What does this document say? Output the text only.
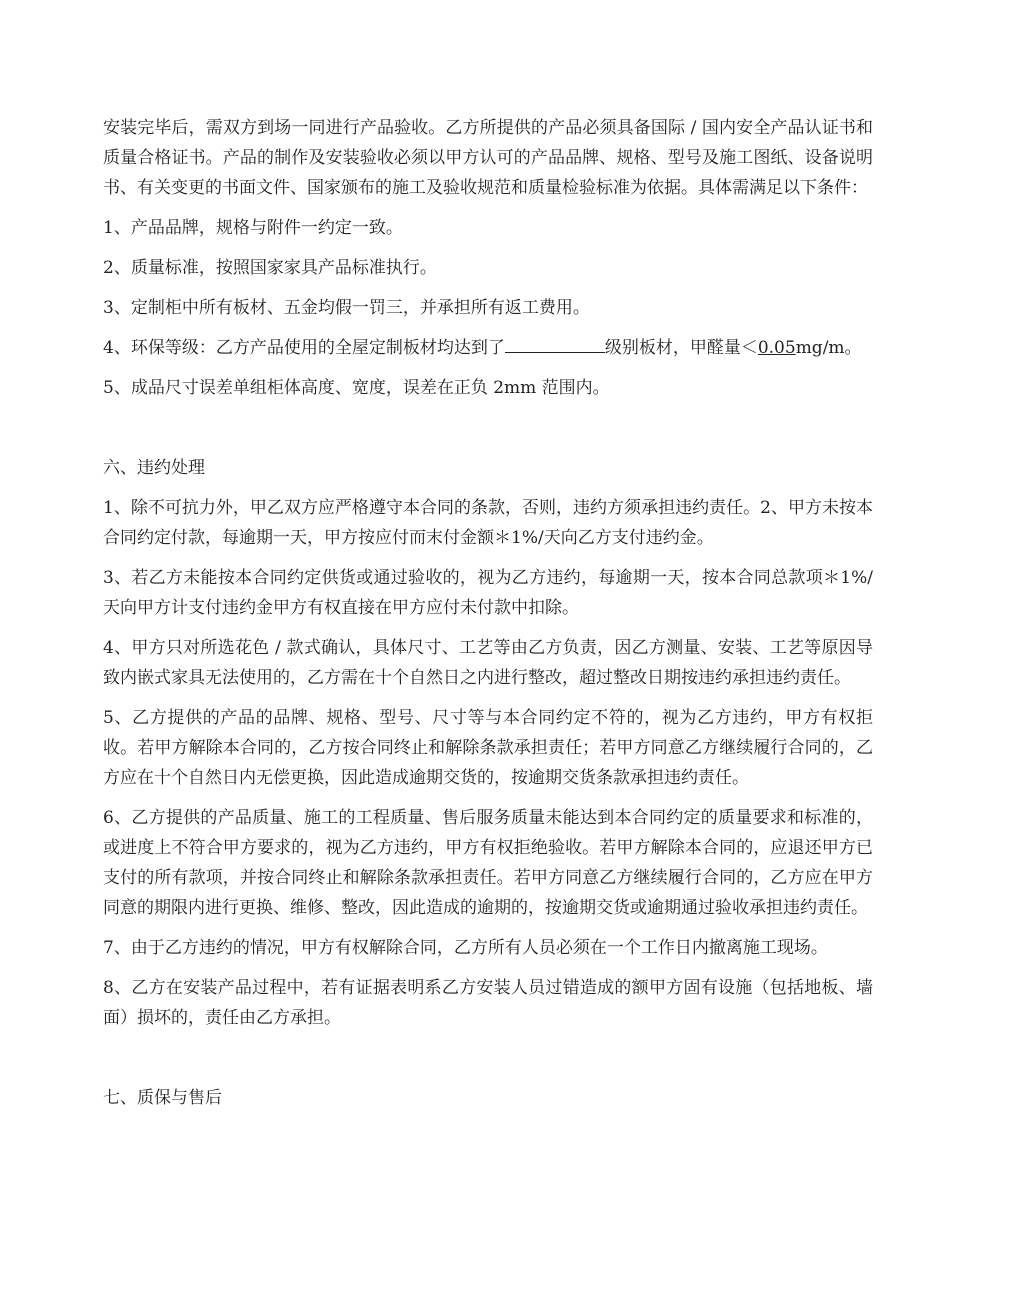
安装完毕后，需双方到场一同进行产品验收。乙方所提供的产品必须具备国际 / 国内安全产品认证书和质量合格证书。产品的制作及安装验收必须以甲方认可的产品品牌、规格、型号及施工图纸、设备说明书、有关变更的书面文件、国家颁布的施工及验收规范和质量检验标准为依据。具体需满足以下条件：

1、产品品牌，规格与附件一约定一致。

2、质量标准，按照国家家具产品标准执行。

3、定制柜中所有板材、五金均假一罚三，并承担所有返工费用。

4、环保等级：乙方产品使用的全屋定制板材均达到了	级别板材，甲醛量＜0.05mg/m。

5、成品尺寸误差单组柜体高度、宽度，误差在正负 2mm 范围内。

六、违约处理

1、除不可抗力外，甲乙双方应严格遵守本合同的条款，否则，违约方须承担违约责任。2、甲方未按本合同约定付款，每逾期一天，甲方按应付而末付金额＊1%/天向乙方支付违约金。

3、若乙方未能按本合同约定供货或通过验收的，视为乙方违约，每逾期一天，按本合同总款项＊1%/天向甲方计支付违约金甲方有权直接在甲方应付未付款中扣除。

4、甲方只对所选花色 / 款式确认，具体尺寸、工艺等由乙方负责，因乙方测量、安装、工艺等原因导致内嵌式家具无法使用的，乙方需在十个自然日之内进行整改，超过整改日期按违约承担违约责任。

5、乙方提供的产品的品牌、规格、型号、尺寸等与本合同约定不符的，视为乙方违约，甲方有权拒收。若甲方解除本合同的，乙方按合同终止和解除条款承担责任；若甲方同意乙方继续履行合同的，乙方应在十个自然日内无偿更换，因此造成逾期交货的，按逾期交货条款承担违约责任。

6、乙方提供的产品质量、施工的工程质量、售后服务质量未能达到本合同约定的质量要求和标准的，或进度上不符合甲方要求的，视为乙方违约，甲方有权拒绝验收。若甲方解除本合同的，应退还甲方已支付的所有款项，并按合同终止和解除条款承担责任。若甲方同意乙方继续履行合同的，乙方应在甲方同意的期限内进行更换、维修、整改，因此造成的逾期的，按逾期交货或逾期通过验收承担违约责任。

7、由于乙方违约的情况，甲方有权解除合同，乙方所有人员必须在一个工作日内撤离施工现场。

8、乙方在安装产品过程中，若有证据表明系乙方安装人员过错造成的额甲方固有设施（包括地板、墙面）损坏的，责任由乙方承担。

七、质保与售后
